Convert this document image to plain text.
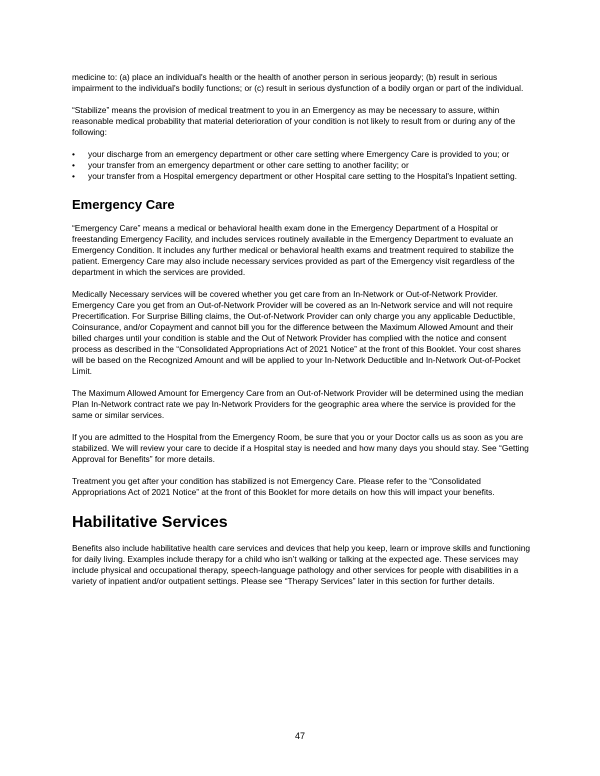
medicine to: (a) place an individual's health or the health of another person in serious jeopardy; (b) result in serious impairment to the individual's bodily functions; or (c) result in serious dysfunction of a bodily organ or part of the individual.

“Stabilize” means the provision of medical treatment to you in an Emergency as may be necessary to assure, within reasonable medical probability that material deterioration of your condition is not likely to result from or during any of the following:

•	your discharge from an emergency department or other care setting where Emergency Care is provided to you; or
•	your transfer from an emergency department or other care setting to another facility; or
•	your transfer from a Hospital emergency department or other Hospital care setting to the Hospital's Inpatient setting.
Emergency Care

“Emergency Care” means a medical or behavioral health exam done in the Emergency Department of a Hospital or freestanding Emergency Facility, and includes services routinely available in the Emergency Department to evaluate an Emergency Condition. It includes any further medical or behavioral health exams and treatment required to stabilize the patient. Emergency Care may also include necessary services provided as part of the Emergency visit regardless of the department in which the services are provided.

Medically Necessary services will be covered whether you get care from an In-Network or Out-of-Network Provider. Emergency Care you get from an Out-of-Network Provider will be covered as an In-Network service and will not require Precertification. For Surprise Billing claims, the Out-of-Network Provider can only charge you any applicable Deductible, Coinsurance, and/or Copayment and cannot bill you for the difference between the Maximum Allowed Amount and their billed charges until your condition is stable and the Out of Network Provider has complied with the notice and consent process as described in the “Consolidated Appropriations Act of 2021 Notice” at the front of this Booklet. Your cost shares will be based on the Recognized Amount and will be applied to your In-Network Deductible and In-Network Out-of-Pocket Limit.

The Maximum Allowed Amount for Emergency Care from an Out-of-Network Provider will be determined using the median Plan In-Network contract rate we pay In-Network Providers for the geographic area where the service is provided for the same or similar services.

If you are admitted to the Hospital from the Emergency Room, be sure that you or your Doctor calls us as soon as you are stabilized. We will review your care to decide if a Hospital stay is needed and how many days you should stay. See “Getting Approval for Benefits” for more details.

Treatment you get after your condition has stabilized is not Emergency Care. Please refer to the “Consolidated Appropriations Act of 2021 Notice” at the front of this Booklet for more details on how this will impact your benefits.

Habilitative Services

Benefits also include habilitative health care services and devices that help you keep, learn or improve skills and functioning for daily living. Examples include therapy for a child who isn’t walking or talking at the expected age. These services may include physical and occupational therapy, speech-language pathology and other services for people with disabilities in a variety of inpatient and/or outpatient settings. Please see “Therapy Services” later in this section for further details.

47
